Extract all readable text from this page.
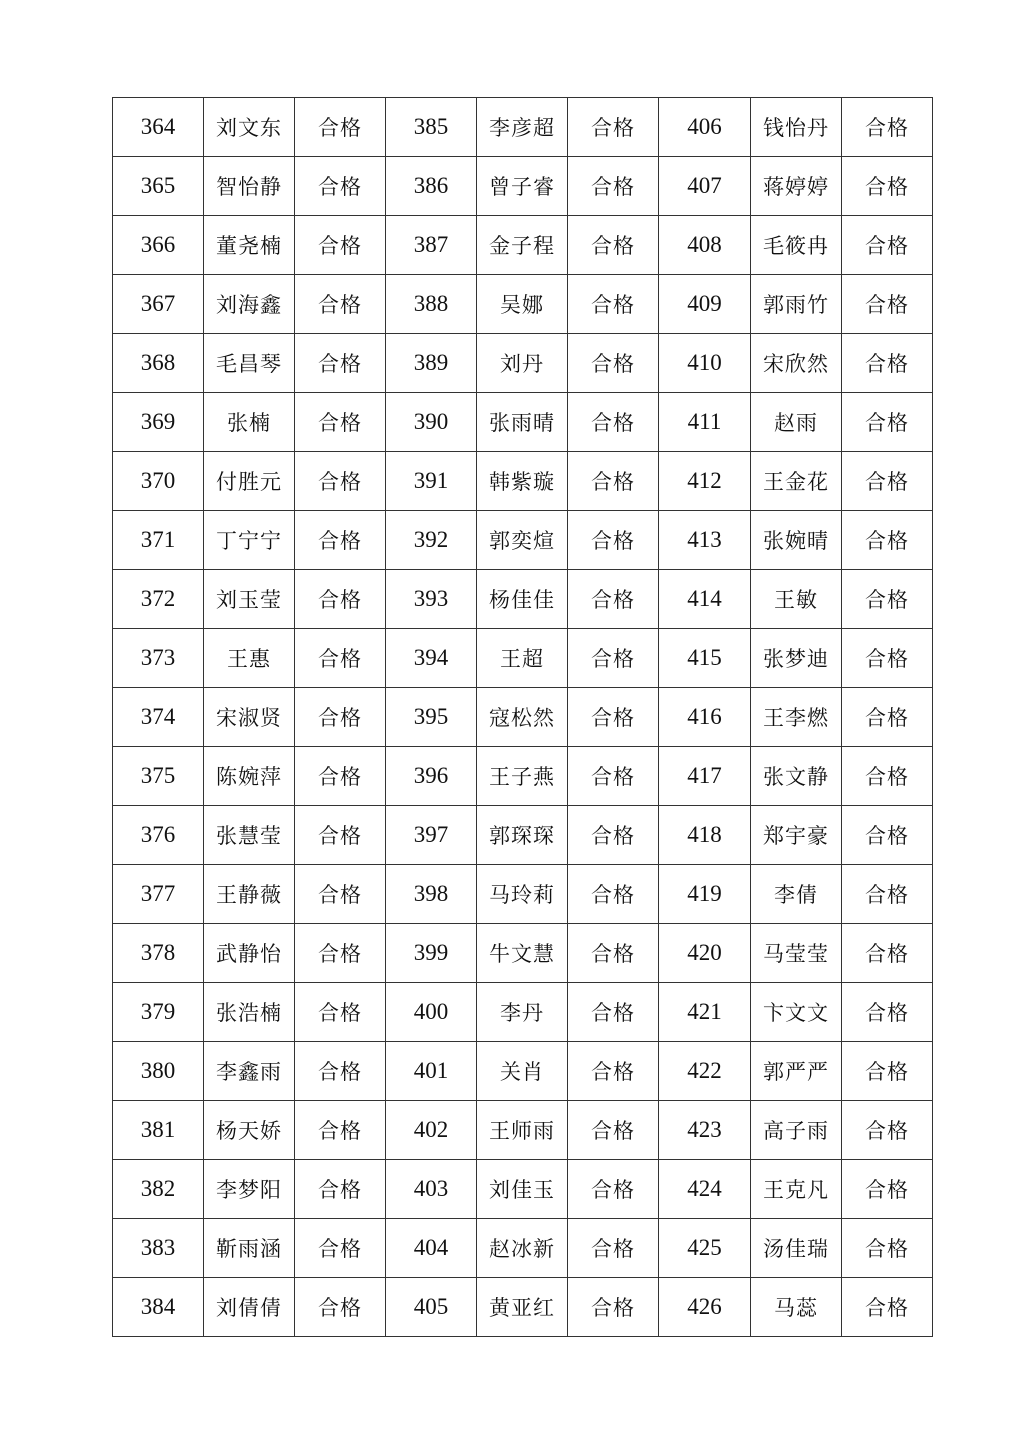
364	刘文东	合格	385	李彦超	合格	406	钱怡丹	合格
365	智怡静	合格	386	曾子睿	合格	407	蒋婷婷	合格
366	董尧楠	合格	387	金子程	合格	408	毛筱冉	合格
367	刘海鑫	合格	388	吴娜	合格	409	郭雨竹	合格
368	毛昌琴	合格	389	刘丹	合格	410	宋欣然	合格
369	张楠	合格	390	张雨晴	合格	411	赵雨	合格
370	付胜元	合格	391	韩紫璇	合格	412	王金花	合格
371	丁宁宁	合格	392	郭奕煊	合格	413	张婉晴	合格
372	刘玉莹	合格	393	杨佳佳	合格	414	王敏	合格
373	王惠	合格	394	王超	合格	415	张梦迪	合格
374	宋淑贤	合格	395	寇松然	合格	416	王李燃	合格
375	陈婉萍	合格	396	王子燕	合格	417	张文静	合格
376	张慧莹	合格	397	郭琛琛	合格	418	郑宇豪	合格
377	王静薇	合格	398	马玲莉	合格	419	李倩	合格
378	武静怡	合格	399	牛文慧	合格	420	马莹莹	合格
379	张浩楠	合格	400	李丹	合格	421	卞文文	合格
380	李鑫雨	合格	401	关肖	合格	422	郭严严	合格
381	杨天娇	合格	402	王师雨	合格	423	高子雨	合格
382	李梦阳	合格	403	刘佳玉	合格	424	王克凡	合格
383	靳雨涵	合格	404	赵冰新	合格	425	汤佳瑞	合格
384	刘倩倩	合格	405	黄亚红	合格	426	马蕊	合格
